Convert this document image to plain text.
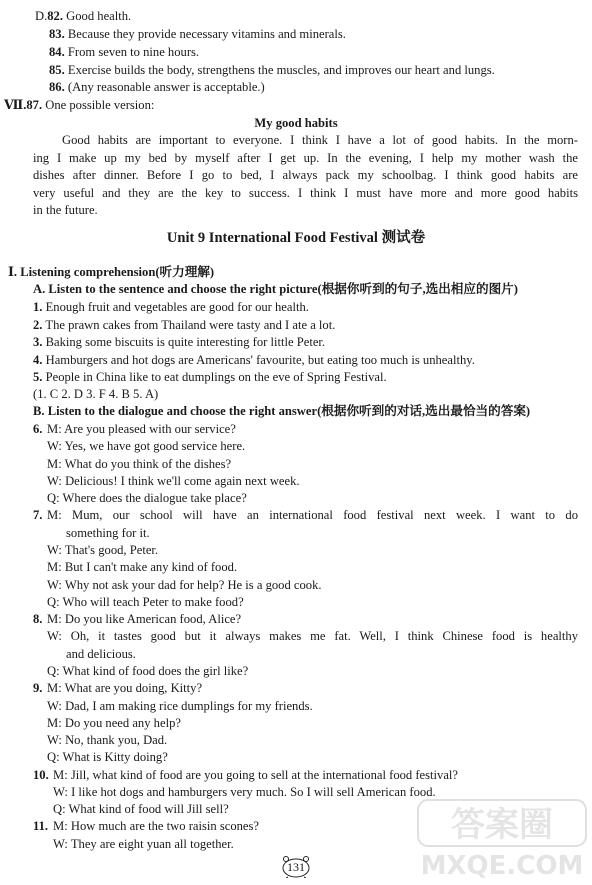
D.82. Good health.
83. Because they provide necessary vitamins and minerals.
84. From seven to nine hours.
85. Exercise builds the body, strengthens the muscles, and improves our heart and lungs.
86. (Any reasonable answer is acceptable.)
Ⅶ.87. One possible version:
My good habits
Good habits are important to everyone. I think I have a lot of good habits. In the morn-
ing I make up my bed by myself after I get up. In the evening, I help my mother wash the
dishes after dinner. Before I go to bed, I always pack my schoolbag. I think good habits are
very useful and they are the key to success. I think I must have more and more good habits
in the future.
Unit 9 International Food Festival 测试卷
Ⅰ. Listening comprehension(听力理解)
A. Listen to the sentence and choose the right picture(根据你听到的句子,选出相应的图片)
1. Enough fruit and vegetables are good for our health.
2. The prawn cakes from Thailand were tasty and I ate a lot.
3. Baking some biscuits is quite interesting for little Peter.
4. Hamburgers and hot dogs are Americans' favourite, but eating too much is unhealthy.
5. People in China like to eat dumplings on the eve of Spring Festival.
(1. C 2. D 3. F 4. B 5. A)
B. Listen to the dialogue and choose the right answer(根据你听到的对话,选出最恰当的答案)
6. M: Are you pleased with our service?
W: Yes, we have got good service here.
M: What do you think of the dishes?
W: Delicious! I think we'll come again next week.
Q: Where does the dialogue take place?
7. M: Mum, our school will have an international food festival next week. I want to do
something for it.
W: That's good, Peter.
M: But I can't make any kind of food.
W: Why not ask your dad for help? He is a good cook.
Q: Who will teach Peter to make food?
8. M: Do you like American food, Alice?
W: Oh, it tastes good but it always makes me fat. Well, I think Chinese food is healthy
and delicious.
Q: What kind of food does the girl like?
9. M: What are you doing, Kitty?
W: Dad, I am making rice dumplings for my friends.
M: Do you need any help?
W: No, thank you, Dad.
Q: What is Kitty doing?
10. M: Jill, what kind of food are you going to sell at the international food festival?
W: I like hot dogs and hamburgers very much. So I will sell American food.
Q: What kind of food will Jill sell?
11. M: How much are the two raisin scones?
W: They are eight yuan all together.	答案圈
MXQE.COM
131
